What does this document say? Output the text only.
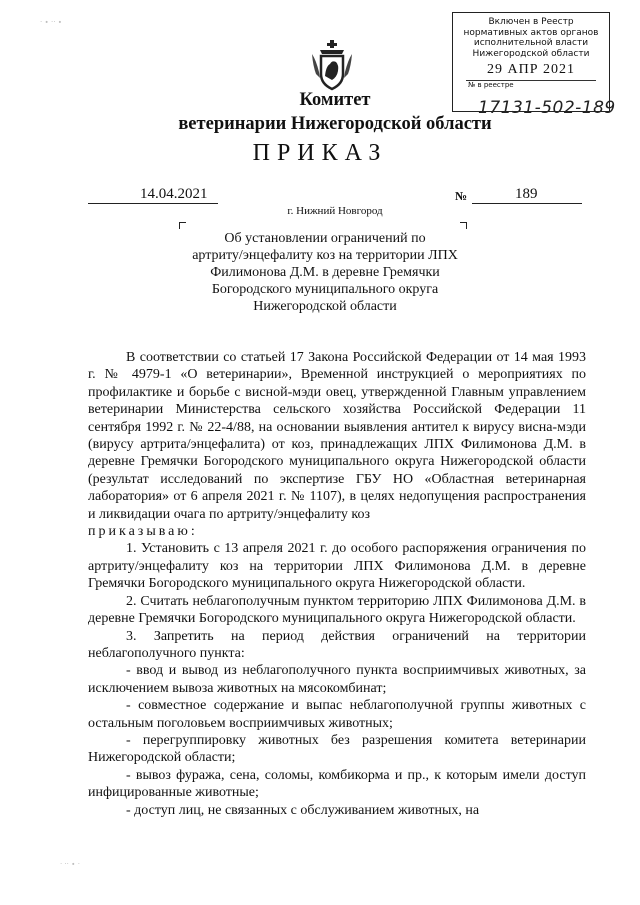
Включен в Реестр
нормативных актов органов
исполнительной власти
Нижегородской области
29 АПР 2021
№ в реестре
17131-502-189
Комитет
ветеринарии Нижегородской области
ПРИКАЗ
14.04.2021	№	189
г. Нижний Новгород
Об установлении ограничений по
артриту/энцефалиту коз на территории ЛПХ
Филимонова Д.М. в деревне Гремячки
Богородского муниципального округа
Нижегородской области

В соответствии со статьей 17 Закона Российской Федерации от 14 мая 1993 г. № 4979-1 «О ветеринарии», Временной инструкцией о мероприятиях по профилактике и борьбе с висной-мэди овец, утвержденной Главным управлением ветеринарии Министерства сельского хозяйства Российской Федерации 11 сентября 1992 г. № 22-4/88, на основании выявления антител к вирусу висна-мэди (вирусу артрита/энцефалита) от коз, принадлежащих ЛПХ Филимонова Д.М. в деревне Гремячки Богородского муниципального округа Нижегородской области (результат исследований по экспертизе ГБУ НО «Областная ветеринарная лаборатория» от 6 апреля 2021 г. № 1107), в целях недопущения распространения и ликвидации очага по артриту/энцефалиту коз

приказываю:

1. Установить с 13 апреля 2021 г. до особого распоряжения ограничения по артриту/энцефалиту коз на территории ЛПХ Филимонова Д.М. в деревне Гремячки Богородского муниципального округа Нижегородской области.

2. Считать неблагополучным пунктом территорию ЛПХ Филимонова Д.М. в деревне Гремячки Богородского муниципального округа Нижегородской области.

3. Запретить на период действия ограничений на территории неблагополучного пункта:

- ввод и вывод из неблагополучного пункта восприимчивых животных, за исключением вывоза животных на мясокомбинат;

- совместное содержание и выпас неблагополучной группы животных с остальным поголовьем восприимчивых животных;

- перегруппировку животных без разрешения комитета ветеринарии Нижегородской области;

- вывоз фуража, сена, соломы, комбикорма и пр., к которым имели доступ инфицированные животные;

- доступ лиц, не связанных с обслуживанием животных, на

· ∙ ·· ∙
· ·· ∙ ·
